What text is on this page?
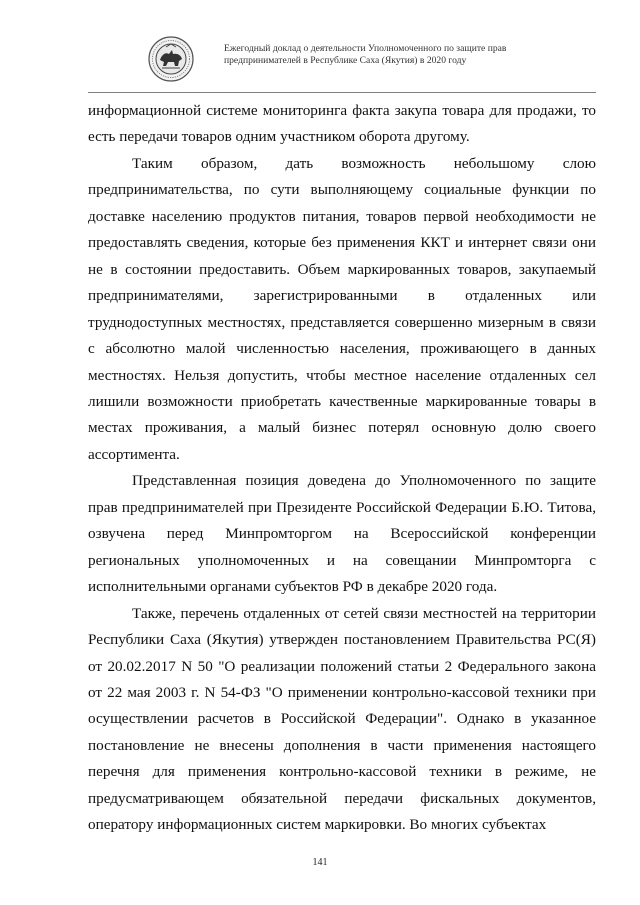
Ежегодный доклад о деятельности Уполномоченного по защите прав
предпринимателей в Республике Саха (Якутия) в 2020 году

информационной системе мониторинга факта закупа товара для продажи, то есть передачи товаров одним участником оборота другому.

Таким образом, дать возможность небольшому слою предпринимательства, по сути выполняющему социальные функции по доставке населению продуктов питания, товаров первой необходимости не предоставлять сведения, которые без применения ККТ и интернет связи они не в состоянии предоставить. Объем маркированных товаров, закупаемый предпринимателями, зарегистрированными в отдаленных или труднодоступных местностях, представляется совершенно мизерным в связи с абсолютно малой численностью населения, проживающего в данных местностях. Нельзя допустить, чтобы местное население отдаленных сел лишили возможности приобретать качественные маркированные товары в местах проживания, а малый бизнес потерял основную долю своего ассортимента.

Представленная позиция доведена до Уполномоченного по защите прав предпринимателей при Президенте Российской Федерации Б.Ю. Титова, озвучена перед Минпромторгом на Всероссийской конференции региональных уполномоченных и на совещании Минпромторга с исполнительными органами субъектов РФ в декабре 2020 года.

Также, перечень отдаленных от сетей связи местностей на территории Республики Саха (Якутия) утвержден постановлением Правительства РС(Я) от 20.02.2017 N 50 "О реализации положений статьи 2 Федерального закона от 22 мая 2003 г. N 54-ФЗ "О применении контрольно-кассовой техники при осуществлении расчетов в Российской Федерации". Однако в указанное постановление не внесены дополнения в части применения настоящего перечня для применения контрольно-кассовой техники в режиме, не предусматривающем обязательной передачи фискальных документов, оператору информационных систем маркировки. Во многих субъектах

141
